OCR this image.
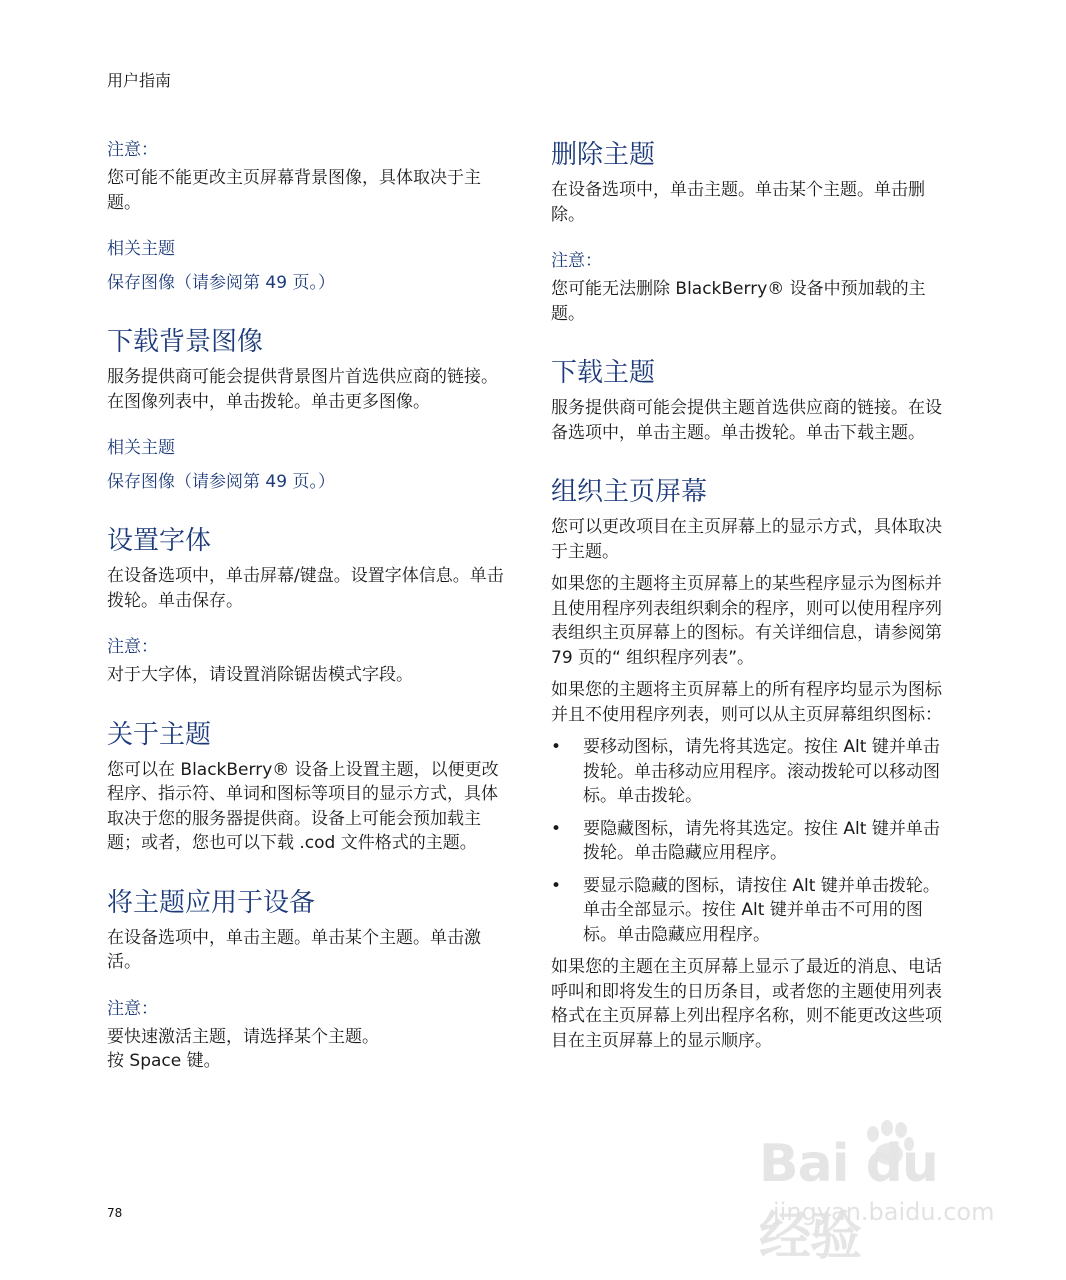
用户指南
注意：

您可能不能更改主页屏幕背景图像，具体取决于主题。

相关主题
保存图像（请参阅第 49 页。）
下载背景图像

服务提供商可能会提供背景图片首选供应商的链接。在图像列表中，单击拨轮。单击更多图像。

相关主题
保存图像（请参阅第 49 页。）
设置字体

在设备选项中，单击屏幕/键盘。设置字体信息。单击拨轮。单击保存。

注意：

对于大字体，请设置消除锯齿模式字段。

关于主题

您可以在 BlackBerry® 设备上设置主题，以便更改程序、指示符、单词和图标等项目的显示方式，具体取决于您的服务器提供商。设备上可能会预加载主题；或者，您也可以下载 .cod 文件格式的主题。

将主题应用于设备

在设备选项中，单击主题。单击某个主题。单击激活。

注意：

要快速激活主题，请选择某个主题。

按 Space 键。

删除主题

在设备选项中，单击主题。单击某个主题。单击删除。

注意：

您可能无法删除 BlackBerry® 设备中预加载的主题。

下载主题

服务提供商可能会提供主题首选供应商的链接。在设备选项中，单击主题。单击拨轮。单击下载主题。

组织主页屏幕

您可以更改项目在主页屏幕上的显示方式，具体取决于主题。

如果您的主题将主页屏幕上的某些程序显示为图标并且使用程序列表组织剩余的程序，则可以使用程序列表组织主页屏幕上的图标。有关详细信息，请参阅第 79 页的“ 组织程序列表”。

如果您的主题将主页屏幕上的所有程序均显示为图标并且不使用程序列表，则可以从主页屏幕组织图标：

• 要移动图标，请先将其选定。按住 Alt 键并单击拨轮。单击移动应用程序。滚动拨轮可以移动图标。单击拨轮。
• 要隐藏图标，请先将其选定。按住 Alt 键并单击拨轮。单击隐藏应用程序。
• 要显示隐藏的图标，请按住 Alt 键并单击拨轮。单击全部显示。按住 Alt 键并单击不可用的图标。单击隐藏应用程序。

如果您的主题在主页屏幕上显示了最近的消息、电话呼叫和即将发生的日历条目，或者您的主题使用列表格式在主页屏幕上列出程序名称，则不能更改这些项目在主页屏幕上的显示顺序。

Bai du 经验
jingyan.baidu.com
78
